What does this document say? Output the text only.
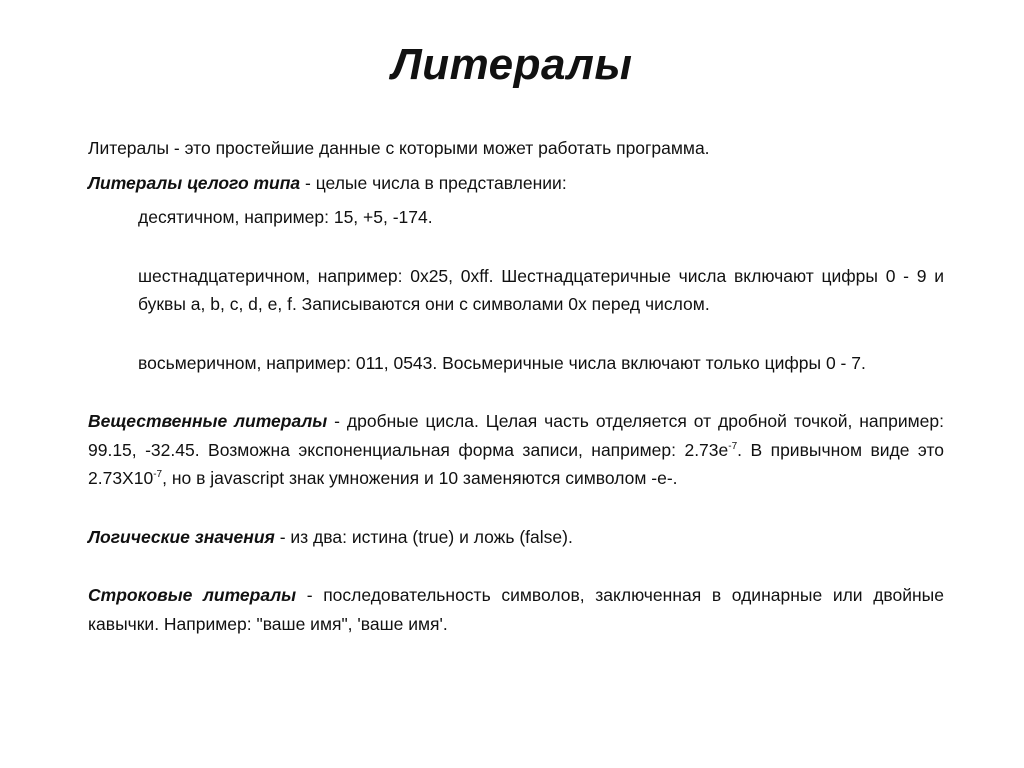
Литералы

Литералы - это простейшие данные с которыми может работать программа.

Литералы целого типа - целые числа в представлении:

десятичном, например: 15, +5, -174.

шестнадцатеричном, например: 0x25, 0xff. Шестнадцатеричные числа включают цифры 0 - 9 и буквы a, b, c, d, e, f. Записываются они с символами 0x перед числом.

восьмеричном, например: 011, 0543. Восьмеричные числа включают только цифры 0 - 7.

Вещественные литералы - дробные цисла. Целая часть отделяется от дробной точкой, например: 99.15, -32.45. Возможна экспоненциальная форма записи, например: $2.73e^{-7}$. В привычном виде это $2.73Х10^{-7}$, но в javascript знак умножения и 10 заменяются символом -e-.

Логические значения - из два: истина (true) и ложь (false).

Строковые литералы - последовательность символов, заключенная в одинарные или двойные кавычки. Например: "ваше имя", 'ваше имя'.
